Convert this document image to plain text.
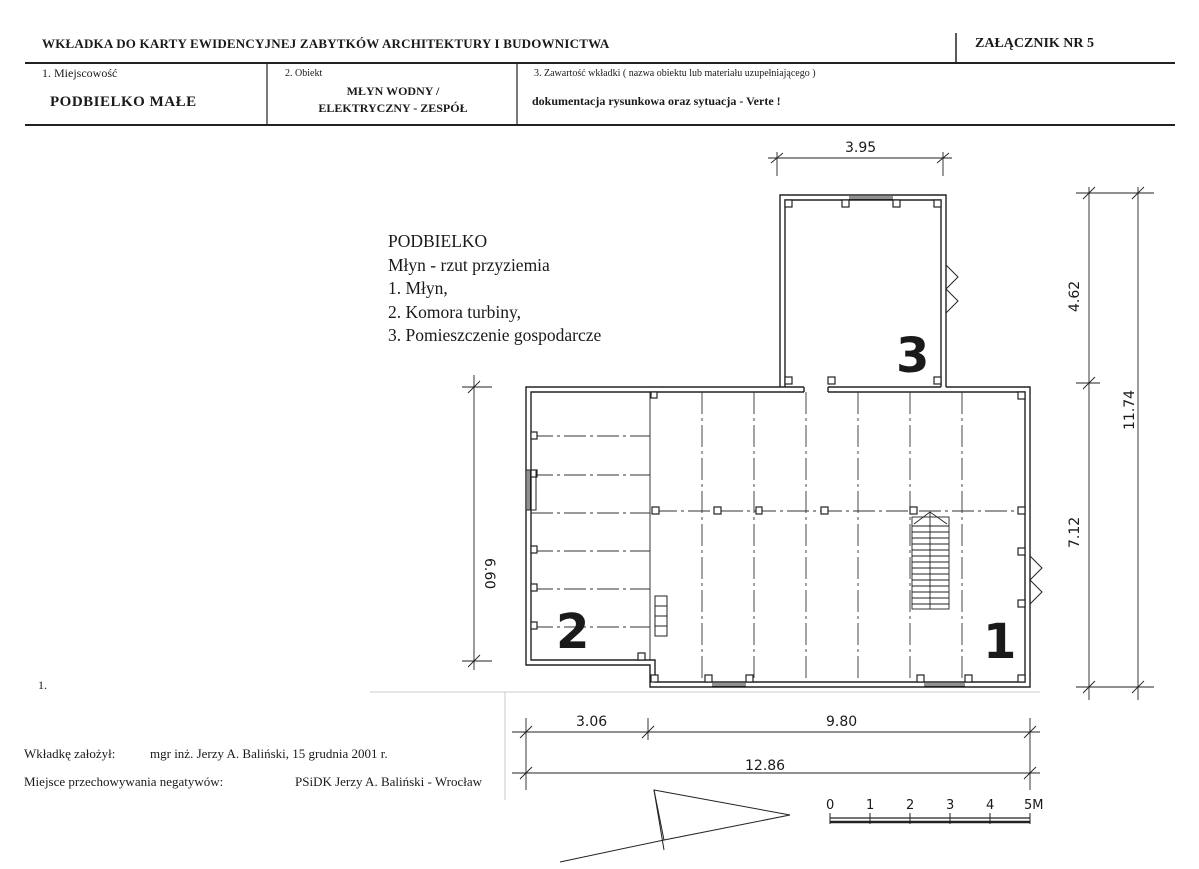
WKŁADKA DO KARTY EWIDENCYJNEJ ZABYTKÓW ARCHITEKTURY I BUDOWNICTWA	ZAŁĄCZNIK NR 5
1. Miejscowość
PODBIELKO MAŁE
2. Obiekt
MŁYN WODNY /
ELEKTRYCZNY - ZESPÓŁ
3. Zawartość wkładki ( nazwa obiektu lub materiału uzupełniającego )
dokumentacja rysunkowa oraz sytuacja - Verte !
PODBIELKO
Młyn - rzut przyziemia
1. Młyn,
2. Komora turbiny,
3. Pomieszczenie gospodarcze
1.
Wkładkę założył:	mgr inż. Jerzy A. Baliński, 15 grudnia 2001 r.
Miejsce przechowywania negatywów:	PSiDK Jerzy A. Baliński - Wrocław
3
2	1
3.95
4.62
11.74
7.12
6.60
3.06	9.80
12.86
0 1 2 3 4 5M
